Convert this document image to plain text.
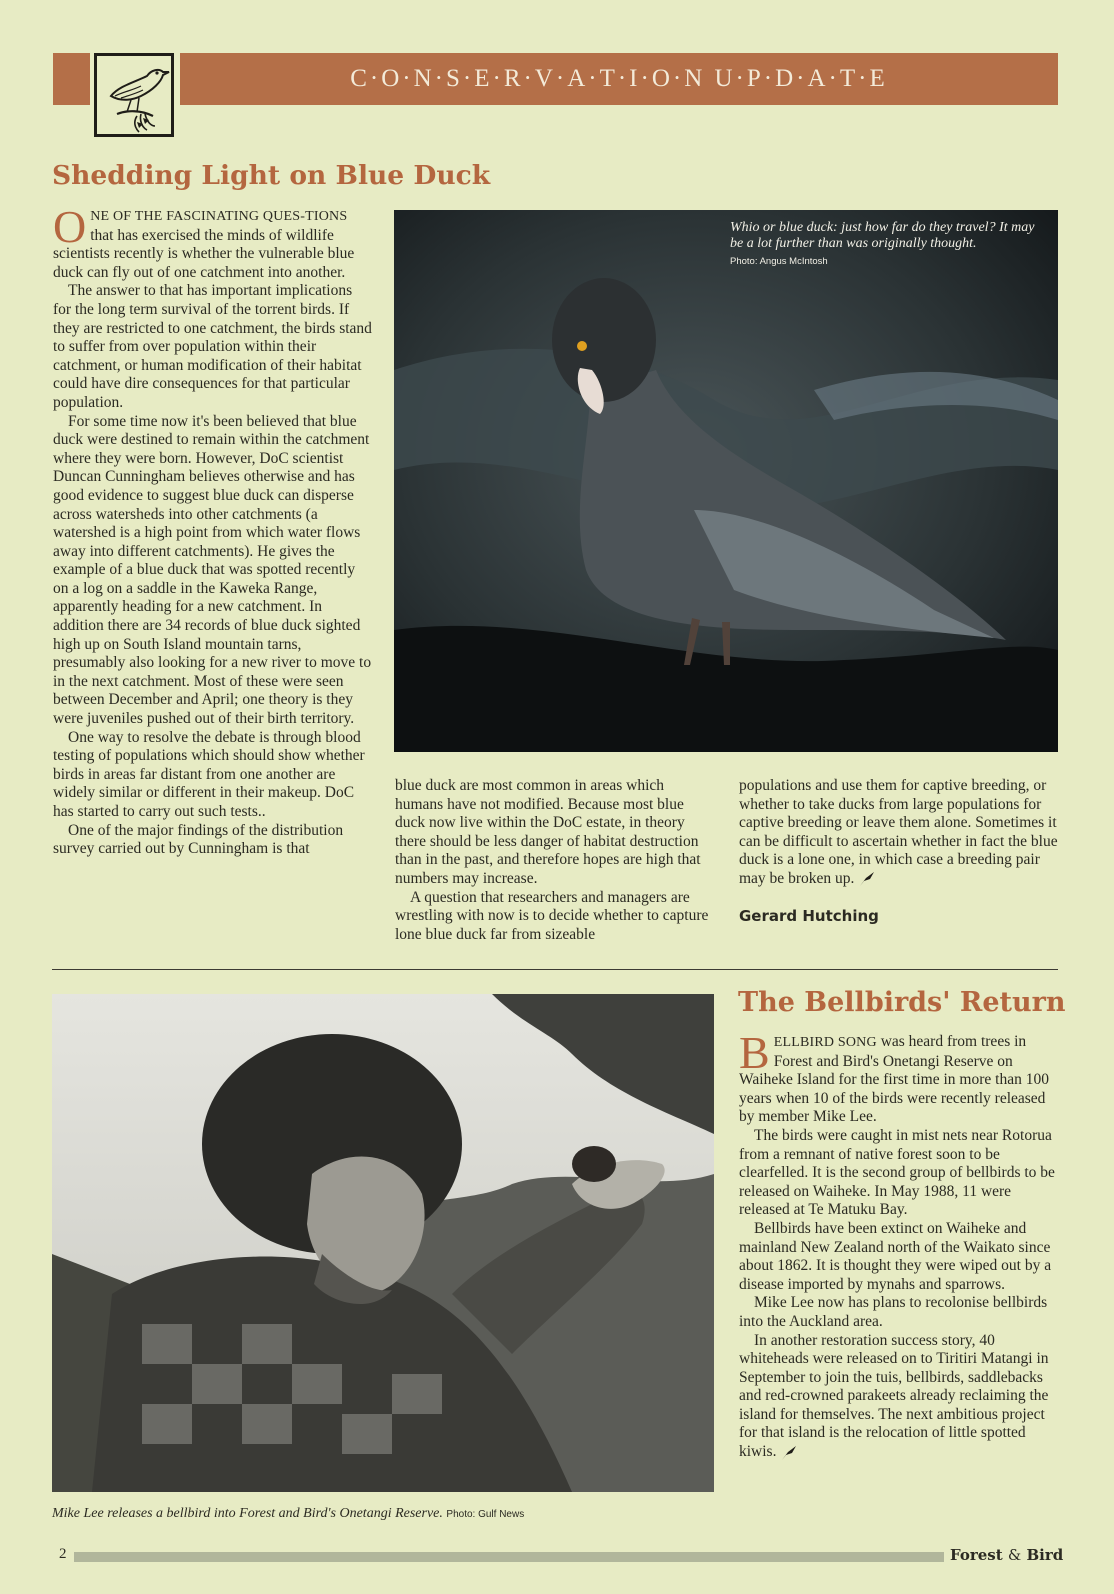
C·O·N·S·E·R·V·A·T·I·O·N U·P·D·A·T·E
Shedding Light on Blue Duck

ONE OF THE FASCINATING QUES-TIONS that has exercised the minds of wildlife scientists recently is whether the vulnerable blue duck can fly out of one catchment into another.

The answer to that has important implications for the long term survival of the torrent birds. If they are restricted to one catchment, the birds stand to suffer from over population within their catchment, or human modification of their habitat could have dire consequences for that particular population.

For some time now it's been believed that blue duck were destined to remain within the catchment where they were born. However, DoC scientist Duncan Cunningham believes otherwise and has good evidence to suggest blue duck can disperse across watersheds into other catchments (a watershed is a high point from which water flows away into different catchments). He gives the example of a blue duck that was spotted recently on a log on a saddle in the Kaweka Range, apparently heading for a new catchment. In addition there are 34 records of blue duck sighted high up on South Island mountain tarns, presumably also looking for a new river to move to in the next catchment. Most of these were seen between December and April; one theory is they were juveniles pushed out of their birth territory.

One way to resolve the debate is through blood testing of populations which should show whether birds in areas far distant from one another are widely similar or different in their makeup. DoC has started to carry out such tests..

One of the major findings of the distribution survey carried out by Cunningham is that

Whio or blue duck: just how far do they travel? It may be a lot further than was originally thought.
Photo: Angus McIntosh

blue duck are most common in areas which humans have not modified. Because most blue duck now live within the DoC estate, in theory there should be less danger of habitat destruction than in the past, and therefore hopes are high that numbers may increase.

A question that researchers and managers are wrestling with now is to decide whether to capture lone blue duck far from sizeable

populations and use them for captive breeding, or whether to take ducks from large populations for captive breeding or leave them alone. Sometimes it can be difficult to ascertain whether in fact the blue duck is a lone one, in which case a breeding pair may be broken up.

Gerard Hutching
Mike Lee releases a bellbird into Forest and Bird's Onetangi Reserve. Photo: Gulf News
The Bellbirds' Return

BELLBIRD SONG was heard from trees in Forest and Bird's Onetangi Reserve on Waiheke Island for the first time in more than 100 years when 10 of the birds were recently released by member Mike Lee.

The birds were caught in mist nets near Rotorua from a remnant of native forest soon to be clearfelled. It is the second group of bellbirds to be released on Waiheke. In May 1988, 11 were released at Te Matuku Bay.

Bellbirds have been extinct on Waiheke and mainland New Zealand north of the Waikato since about 1862. It is thought they were wiped out by a disease imported by mynahs and sparrows.

Mike Lee now has plans to recolonise bellbirds into the Auckland area.

In another restoration success story, 40 whiteheads were released on to Tiritiri Matangi in September to join the tuis, bellbirds, saddlebacks and red-crowned parakeets already reclaiming the island for themselves. The next ambitious project for that island is the relocation of little spotted kiwis.

2	Forest & Bird
